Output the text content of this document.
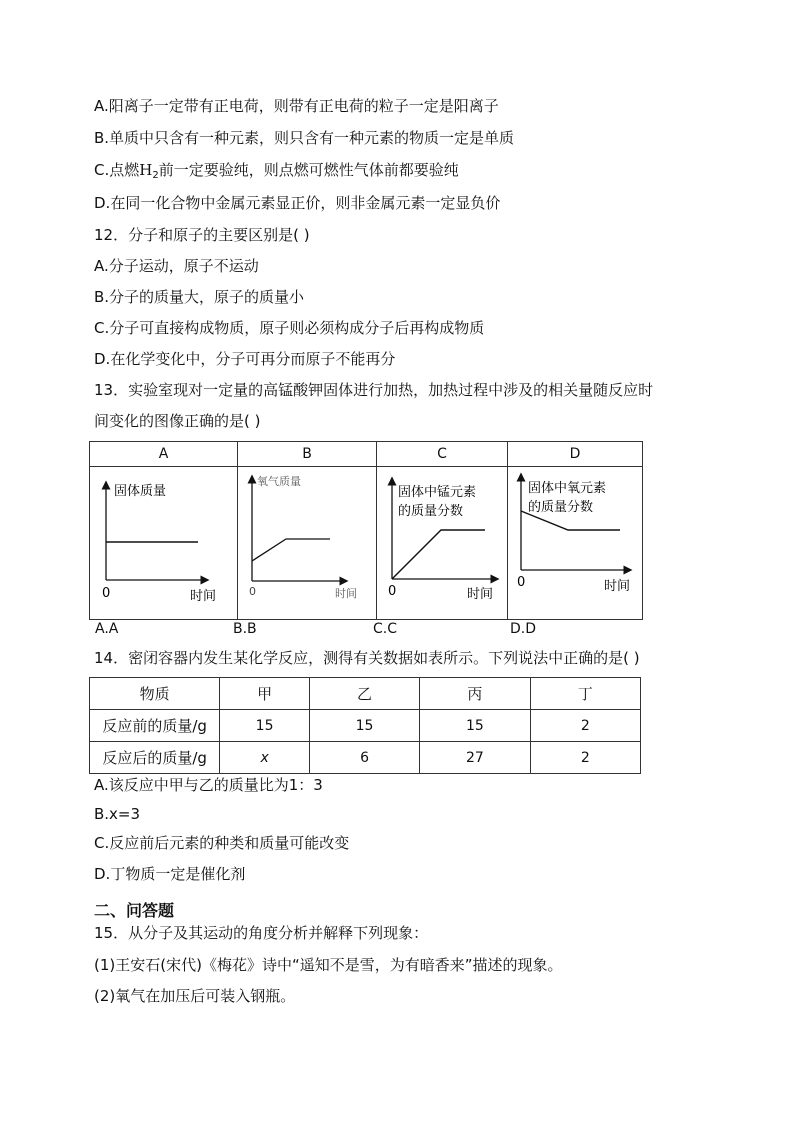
A.阳离子一定带有正电荷，则带有正电荷的粒子一定是阳离子
B.单质中只含有一种元素，则只含有一种元素的物质一定是单质
C.点燃$H_2$前一定要验纯，则点燃可燃性气体前都要验纯
D.在同一化合物中金属元素显正价，则非金属元素一定显负价
12．分子和原子的主要区别是( )
A.分子运动，原子不运动
B.分子的质量大，原子的质量小
C.分子可直接构成物质，原子则必须构成分子后再构成物质
D.在化学变化中，分子可再分而原子不能再分
13．实验室现对一定量的高锰酸钾固体进行加热，加热过程中涉及的相关量随反应时
间变化的图像正确的是( )
A	B	C	D

固体质量
0 时间	氧气质量
0 时间	固体中锰元素
的质量分数
0 时间	固体中氧元素
的质量分数
0 时间
A.A	B.B	C.C	D.D
14．密闭容器内发生某化学反应，测得有关数据如表所示。下列说法中正确的是( )
物质	甲	乙	丙	丁
反应前的质量/g	15	15	15	2
反应后的质量/g	x	6	27	2
A.该反应中甲与乙的质量比为1：3
B.x=3
C.反应前后元素的种类和质量可能改变
D.丁物质一定是催化剂
二、问答题
15．从分子及其运动的角度分析并解释下列现象：
(1)王安石(宋代)《梅花》诗中“遥知不是雪，为有暗香来”描述的现象。
(2)氧气在加压后可装入钢瓶。
